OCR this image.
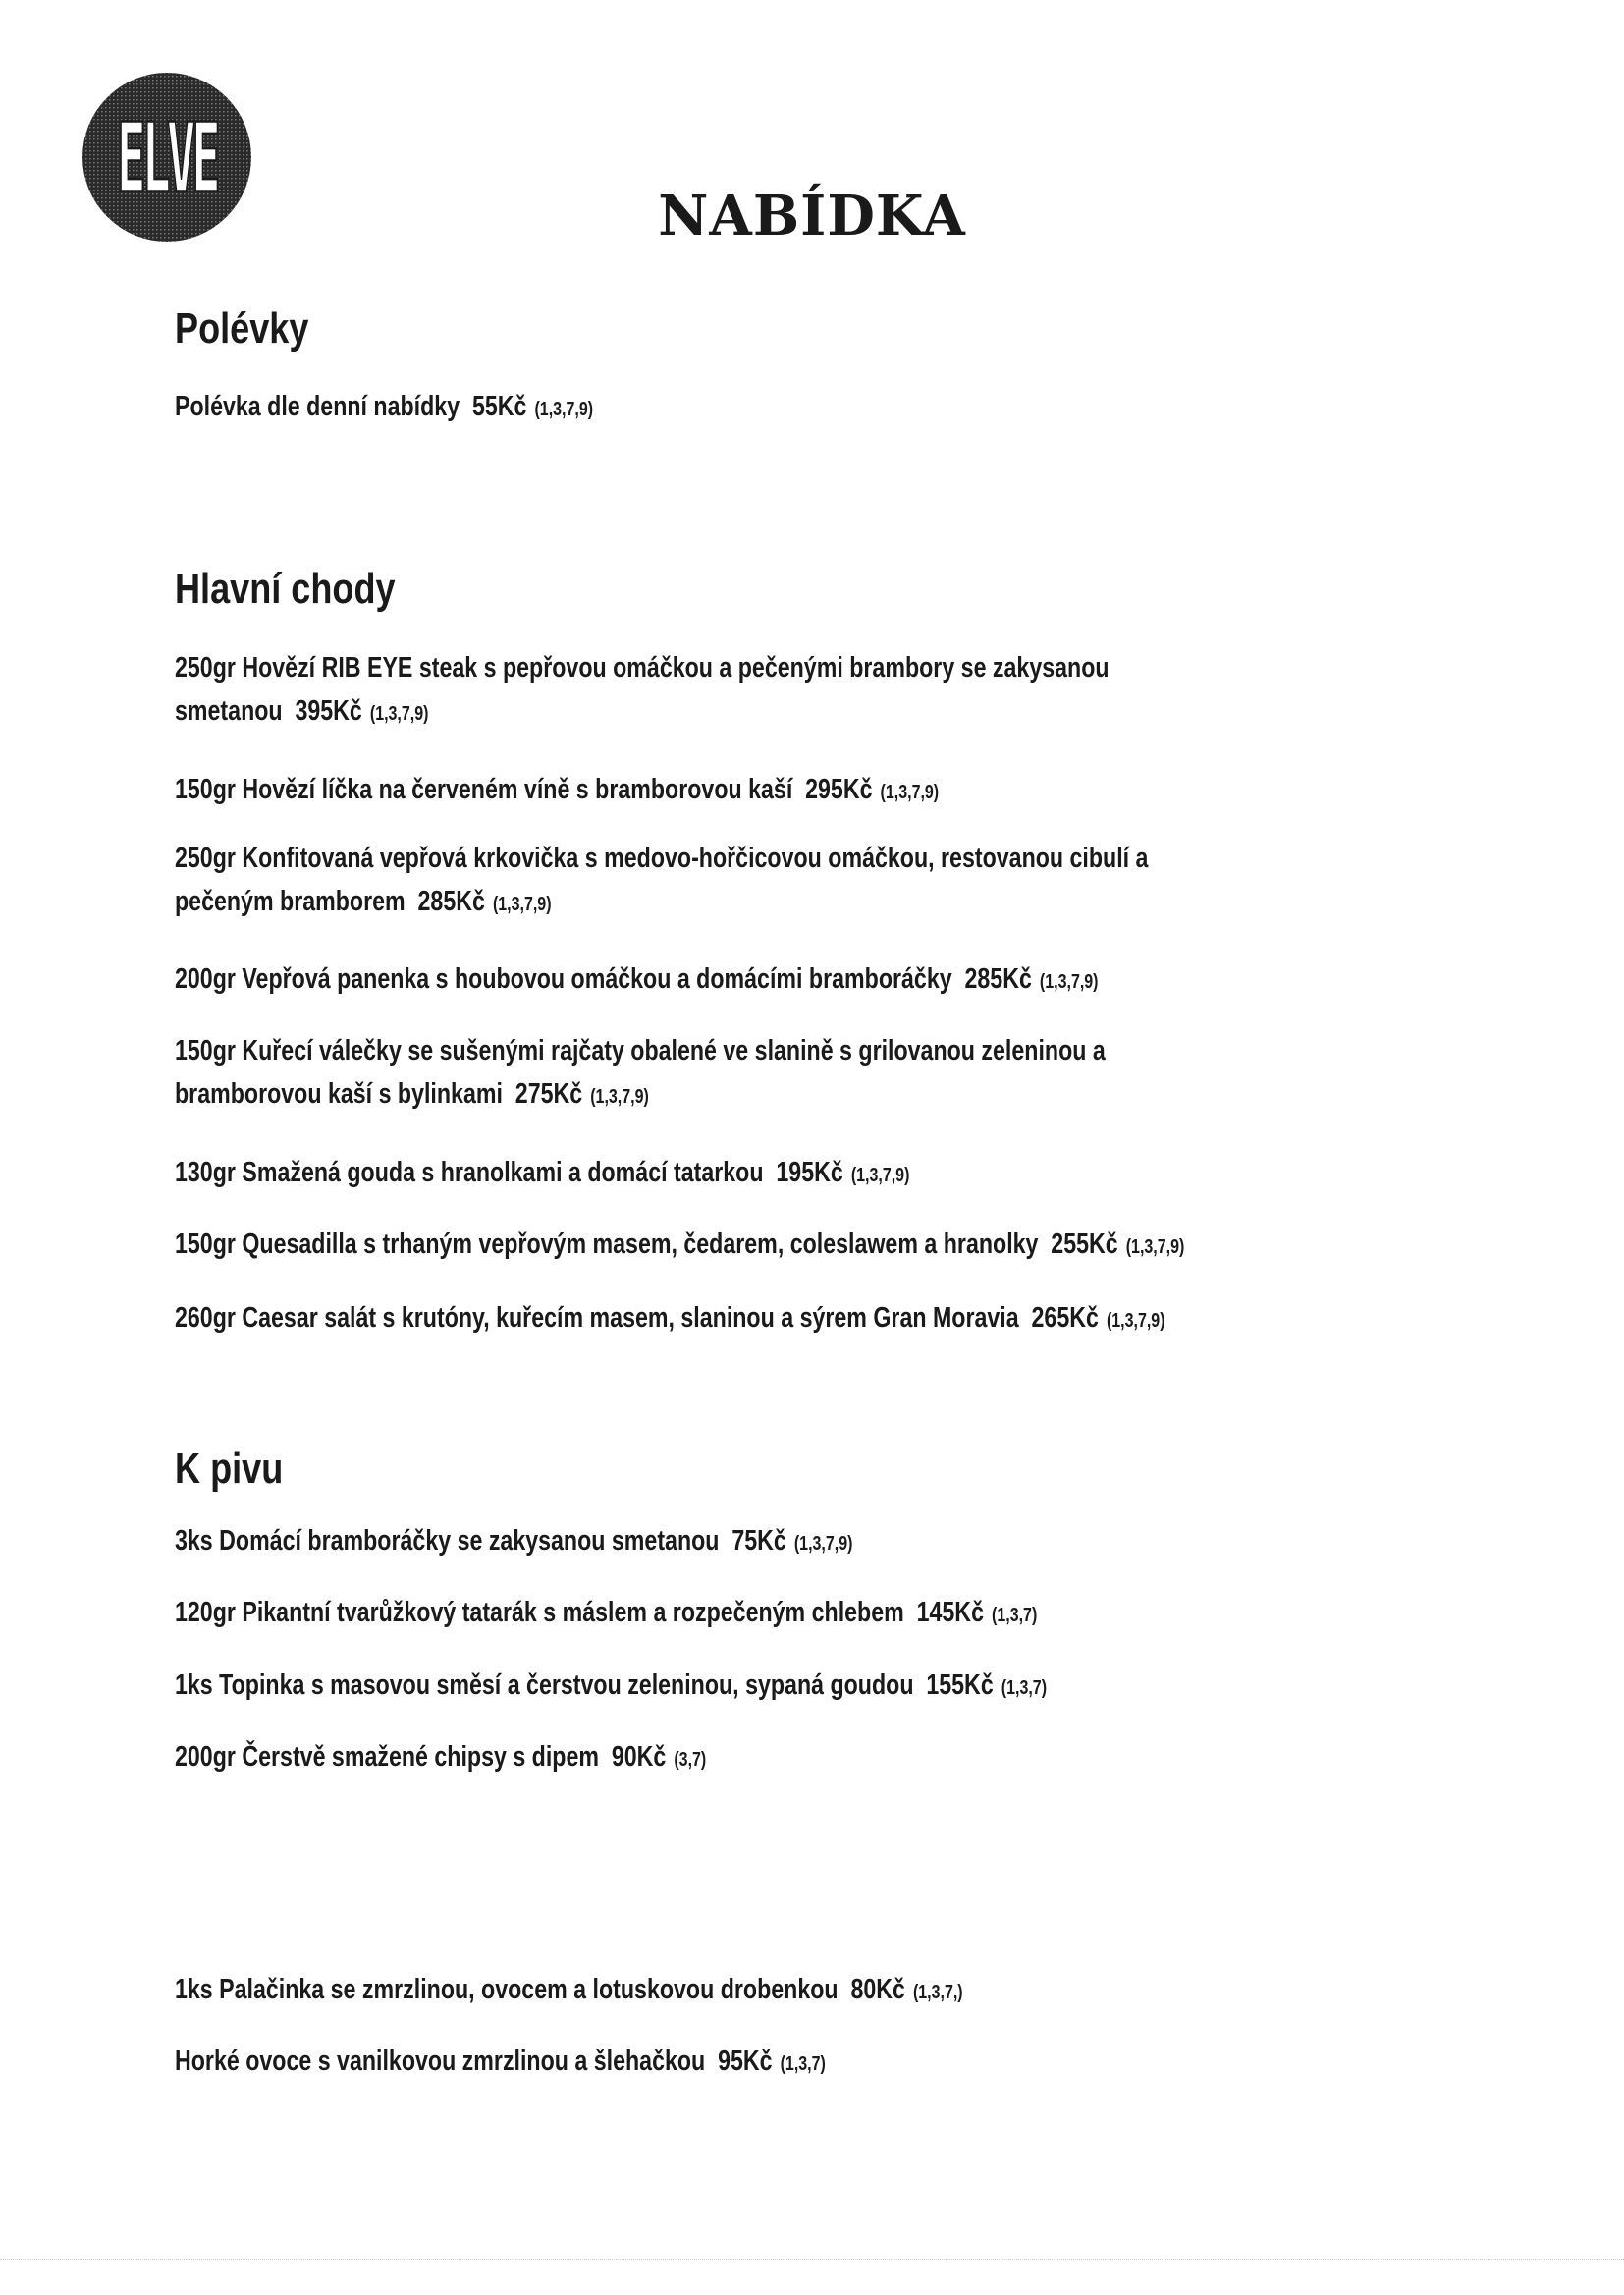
ELVE
NABÍDKA
Polévky
Polévka dle denní nabídky 55Kč (1,3,7,9)
Hlavní chody
250gr Hovězí RIB EYE steak s pepřovou omáčkou a pečenými brambory se zakysanou
smetanou 395Kč (1,3,7,9)
150gr Hovězí líčka na červeném víně s bramborovou kaší 295Kč (1,3,7,9)
250gr Konfitovaná vepřová krkovička s medovo-hořčicovou omáčkou, restovanou cibulí a
pečeným bramborem 285Kč (1,3,7,9)
200gr Vepřová panenka s houbovou omáčkou a domácími bramboráčky 285Kč (1,3,7,9)
150gr Kuřecí válečky se sušenými rajčaty obalené ve slanině s grilovanou zeleninou a
bramborovou kaší s bylinkami 275Kč (1,3,7,9)
130gr Smažená gouda s hranolkami a domácí tatarkou 195Kč (1,3,7,9)
150gr Quesadilla s trhaným vepřovým masem, čedarem, coleslawem a hranolky 255Kč (1,3,7,9)
260gr Caesar salát s krutóny, kuřecím masem, slaninou a sýrem Gran Moravia 265Kč (1,3,7,9)
K pivu
3ks Domácí bramboráčky se zakysanou smetanou 75Kč (1,3,7,9)
120gr Pikantní tvarůžkový tatarák s máslem a rozpečeným chlebem 145Kč (1,3,7)
1ks Topinka s masovou směsí a čerstvou zeleninou, sypaná goudou 155Kč (1,3,7)
200gr Čerstvě smažené chipsy s dipem 90Kč (3,7)
1ks Palačinka se zmrzlinou, ovocem a lotuskovou drobenkou 80Kč (1,3,7,)
Horké ovoce s vanilkovou zmrzlinou a šlehačkou 95Kč (1,3,7)
